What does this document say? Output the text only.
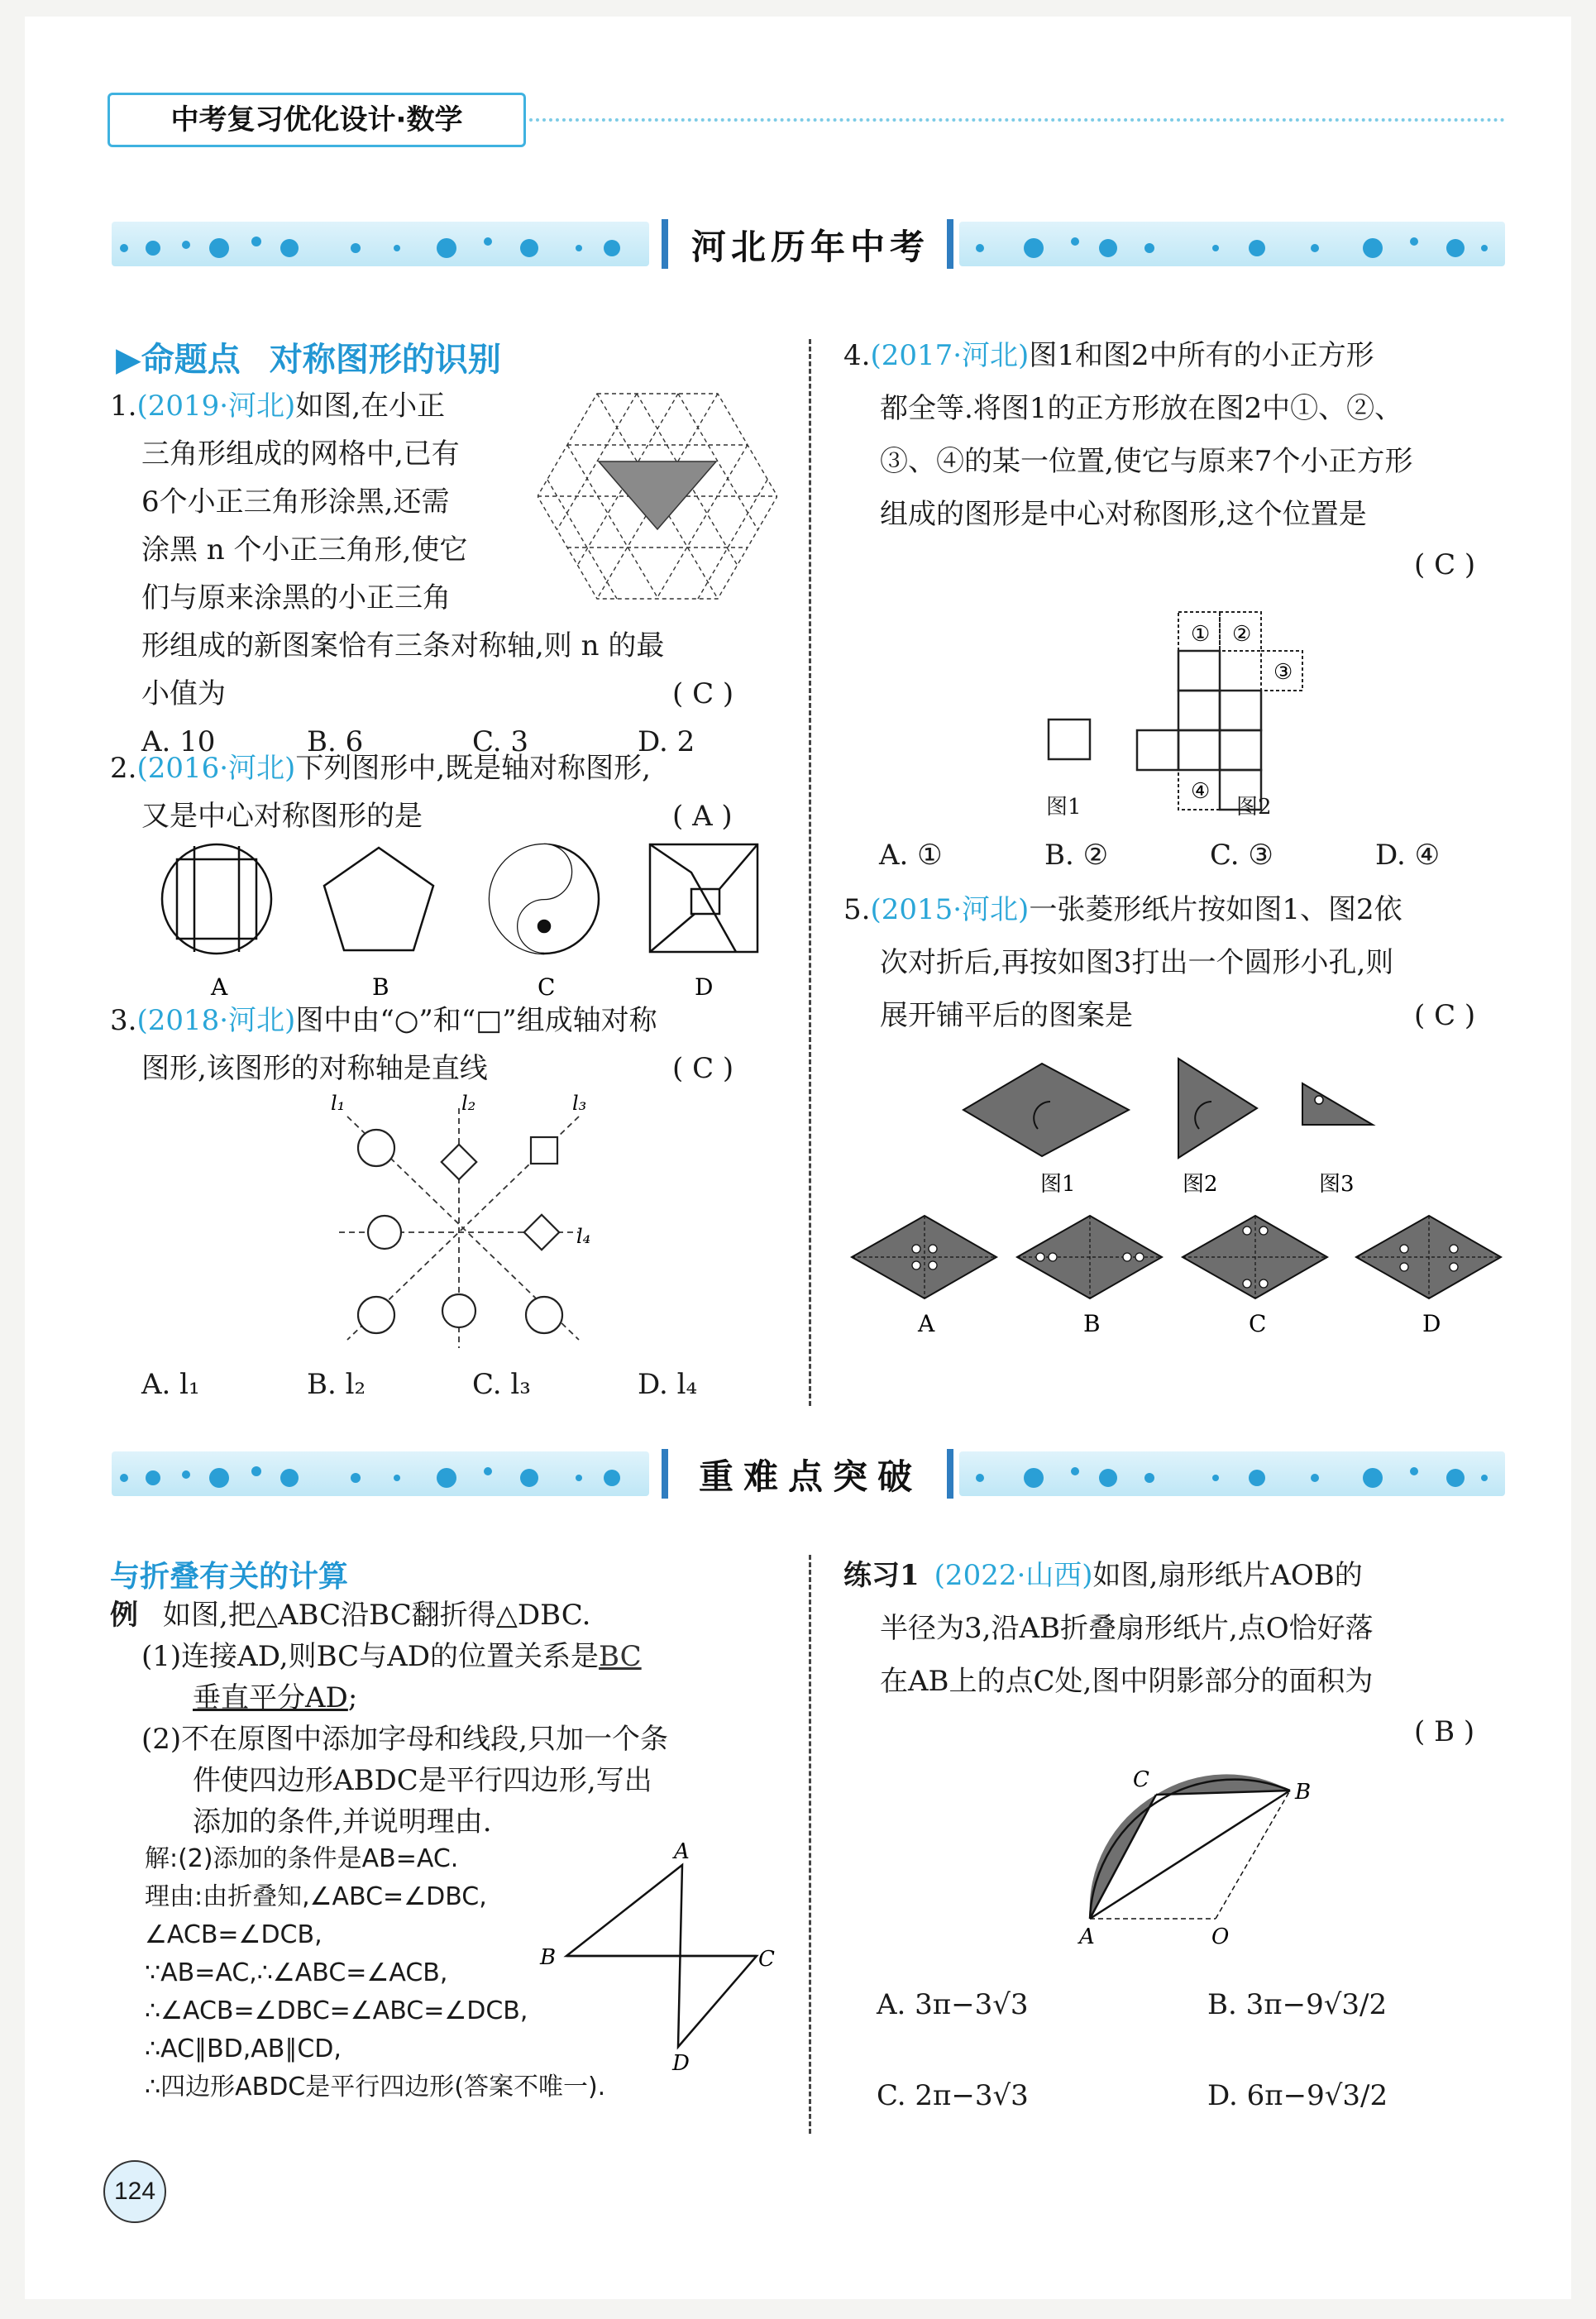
中考复习优化设计·数学
河北历年中考
▶命题点 对称图形的识别
1.(2019·河北)如图,在小正
三角形组成的网格中,已有
6个小正三角形涂黑,还需
涂黑 n 个小正三角形,使它
们与原来涂黑的小正三角
形组成的新图案恰有三条对称轴,则 n 的最
小值为	( C )
A. 10	B. 6	C. 3	D. 2
2.(2016·河北)下列图形中,既是轴对称图形,
又是中心对称图形的是	( A )
A	B	C	D
3.(2018·河北)图中由“○”和“□”组成轴对称
图形,该图形的对称轴是直线	( C )
l₁	l₂	l₃
l₄
A. l₁	B. l₂	C. l₃	D. l₄
4.(2017·河北)图1和图2中所有的小正方形
都全等.将图1的正方形放在图2中①、②、
③、④的某一位置,使它与原来7个小正方形
组成的图形是中心对称图形,这个位置是
( C )
① ②
③
④
图1	图2
A. ①	B. ②	C. ③	D. ④
5.(2015·河北)一张菱形纸片按如图1、图2依
次对折后,再按如图3打出一个圆形小孔,则
展开铺平后的图案是	( C )
图1	图2	图3
A	B	C	D
重难点突破
与折叠有关的计算
例 如图,把△ABC沿BC翻折得△DBC.
(1)连接AD,则BC与AD的位置关系是BC
垂直平分AD;
(2)不在原图中添加字母和线段,只加一个条
件使四边形ABDC是平行四边形,写出
添加的条件,并说明理由.
解:(2)添加的条件是AB=AC.
理由:由折叠知,∠ABC=∠DBC,
∠ACB=∠DCB,
∵AB=AC,∴∠ABC=∠ACB,
∴∠ACB=∠DBC=∠ABC=∠DCB,
∴AC∥BD,AB∥CD,
∴四边形ABDC是平行四边形(答案不唯一).
A
B	C
D
练习1 (2022·山西)如图,扇形纸片AOB的
半径为3,沿AB折叠扇形纸片,点O恰好落
在AB上的点C处,图中阴影部分的面积为
( B )
C	B
A	O
A. 3π−3√3	B. 3π−9√3/2
C. 2π−3√3	D. 6π−9√3/2
124
